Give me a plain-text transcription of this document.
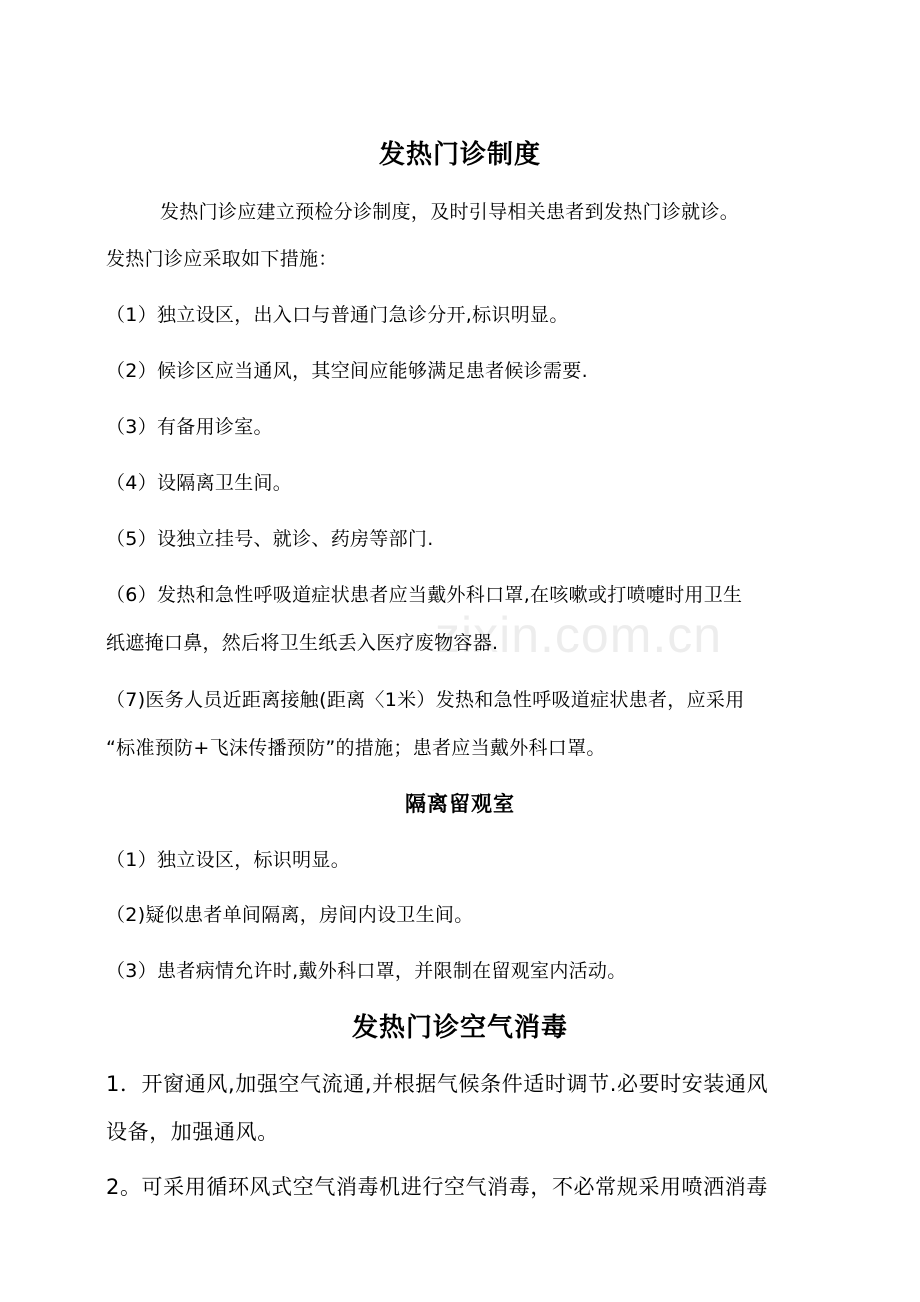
zixin.com.cn
发热门诊制度
发热门诊应建立预检分诊制度，及时引导相关患者到发热门诊就诊。
发热门诊应采取如下措施：
（1）独立设区，出入口与普通门急诊分开,标识明显。
（2）候诊区应当通风，其空间应能够满足患者候诊需要.
（3）有备用诊室。
（4）设隔离卫生间。
（5）设独立挂号、就诊、药房等部门.
（6）发热和急性呼吸道症状患者应当戴外科口罩,在咳嗽或打喷嚏时用卫生
纸遮掩口鼻，然后将卫生纸丢入医疗废物容器.
（7)医务人员近距离接触(距离〈1米）发热和急性呼吸道症状患者，应采用
“标准预防+飞沫传播预防”的措施；患者应当戴外科口罩。
隔离留观室
（1）独立设区，标识明显。
（2)疑似患者单间隔离，房间内设卫生间。
（3）患者病情允许时,戴外科口罩，并限制在留观室内活动。
发热门诊空气消毒
1．开窗通风,加强空气流通,并根据气候条件适时调节.必要时安装通风
设备，加强通风。
2。可采用循环风式空气消毒机进行空气消毒，不必常规采用喷洒消毒
